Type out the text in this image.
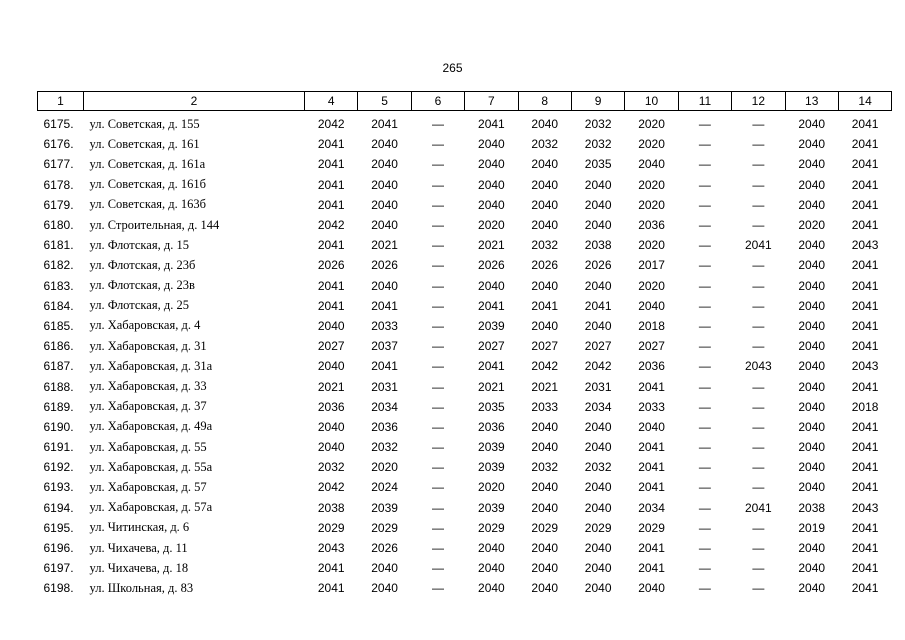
265
1	2	4	5	6	7	8	9	10	11	12	13	14
6175.	ул. Советская, д. 155	2042	2041	—	2041	2040	2032	2020	—	—	2040	2041
6176.	ул. Советская, д. 161	2041	2040	—	2040	2032	2032	2020	—	—	2040	2041
6177.	ул. Советская, д. 161а	2041	2040	—	2040	2040	2035	2040	—	—	2040	2041
6178.	ул. Советская, д. 161б	2041	2040	—	2040	2040	2040	2020	—	—	2040	2041
6179.	ул. Советская, д. 163б	2041	2040	—	2040	2040	2040	2020	—	—	2040	2041
6180.	ул. Строительная, д. 144	2042	2040	—	2020	2040	2040	2036	—	—	2020	2041
6181.	ул. Флотская, д. 15	2041	2021	—	2021	2032	2038	2020	—	2041	2040	2043
6182.	ул. Флотская, д. 23б	2026	2026	—	2026	2026	2026	2017	—	—	2040	2041
6183.	ул. Флотская, д. 23в	2041	2040	—	2040	2040	2040	2020	—	—	2040	2041
6184.	ул. Флотская, д. 25	2041	2041	—	2041	2041	2041	2040	—	—	2040	2041
6185.	ул. Хабаровская, д. 4	2040	2033	—	2039	2040	2040	2018	—	—	2040	2041
6186.	ул. Хабаровская, д. 31	2027	2037	—	2027	2027	2027	2027	—	—	2040	2041
6187.	ул. Хабаровская, д. 31а	2040	2041	—	2041	2042	2042	2036	—	2043	2040	2043
6188.	ул. Хабаровская, д. 33	2021	2031	—	2021	2021	2031	2041	—	—	2040	2041
6189.	ул. Хабаровская, д. 37	2036	2034	—	2035	2033	2034	2033	—	—	2040	2018
6190.	ул. Хабаровская, д. 49а	2040	2036	—	2036	2040	2040	2040	—	—	2040	2041
6191.	ул. Хабаровская, д. 55	2040	2032	—	2039	2040	2040	2041	—	—	2040	2041
6192.	ул. Хабаровская, д. 55а	2032	2020	—	2039	2032	2032	2041	—	—	2040	2041
6193.	ул. Хабаровская, д. 57	2042	2024	—	2020	2040	2040	2041	—	—	2040	2041
6194.	ул. Хабаровская, д. 57а	2038	2039	—	2039	2040	2040	2034	—	2041	2038	2043
6195.	ул. Читинская, д. 6	2029	2029	—	2029	2029	2029	2029	—	—	2019	2041
6196.	ул. Чихачева, д. 11	2043	2026	—	2040	2040	2040	2041	—	—	2040	2041
6197.	ул. Чихачева, д. 18	2041	2040	—	2040	2040	2040	2041	—	—	2040	2041
6198.	ул. Школьная, д. 83	2041	2040	—	2040	2040	2040	2040	—	—	2040	2041
